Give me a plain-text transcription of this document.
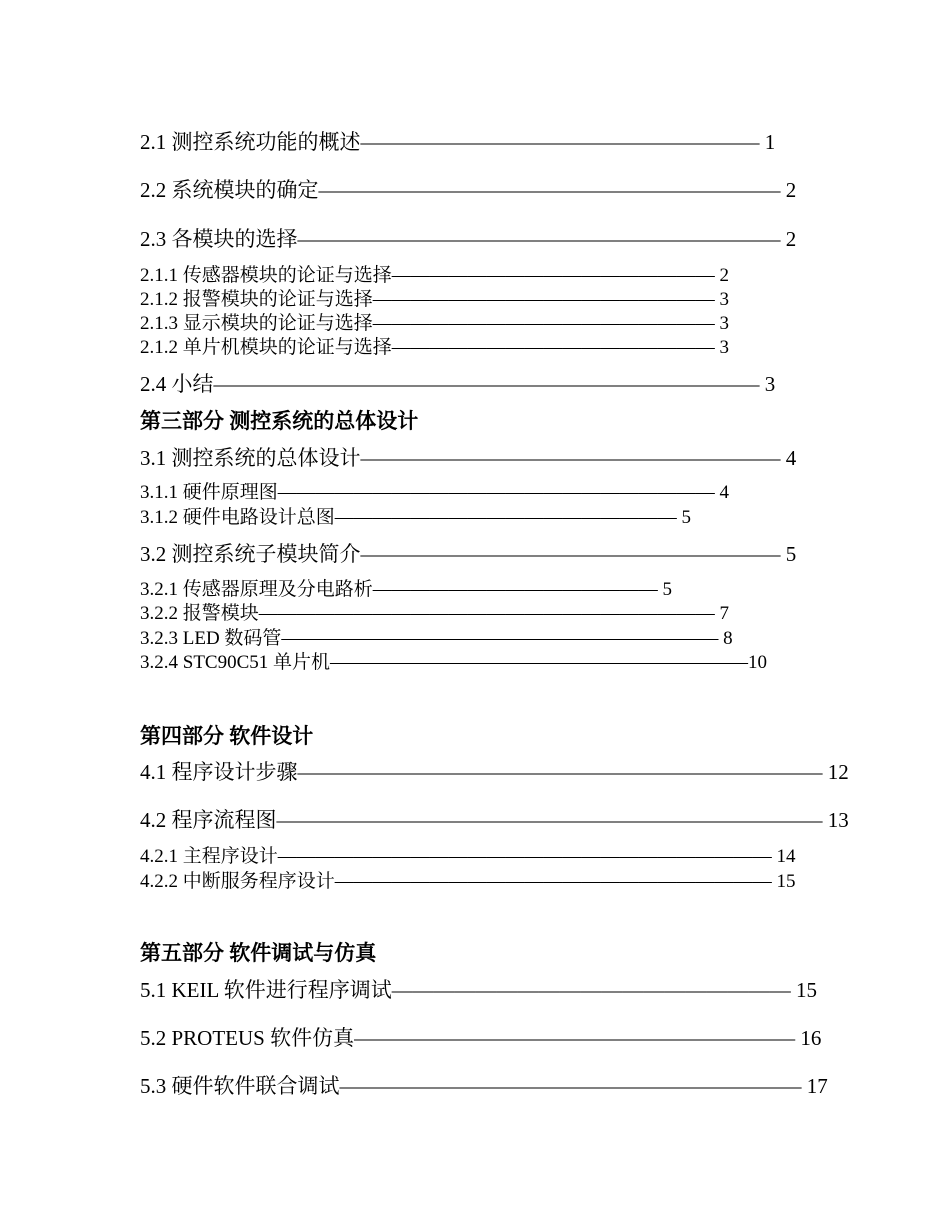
2.1 测控系统功能的概述——————————————————— 1
2.2 系统模块的确定—————————————————————— 2
2.3 各模块的选择——————————————————————— 2
2.1.1 传感器模块的论证与选择————————————————— 2
2.1.2 报警模块的论证与选择—————————————————— 3
2.1.3 显示模块的论证与选择—————————————————— 3
2.1.2 单片机模块的论证与选择————————————————— 3
2.4 小结—————————————————————————— 3
第三部分 测控系统的总体设计
3.1 测控系统的总体设计———————————————————— 4
3.1.1 硬件原理图——————————————————————— 4
3.1.2 硬件电路设计总图—————————————————— 5
3.2 测控系统子模块简介———————————————————— 5
3.2.1 传感器原理及分电路析——————————————— 5
3.2.2 报警模块———————————————————————— 7
3.2.3 LED 数码管——————————————————————— 8
3.2.4 STC90C51 单片机——————————————————————10
第四部分 软件设计
4.1 程序设计步骤————————————————————————— 12
4.2 程序流程图—————————————————————————— 13
4.2.1 主程序设计—————————————————————————— 14
4.2.2 中断服务程序设计——————————————————————— 15
第五部分 软件调试与仿真
5.1 KEIL 软件进行程序调试——————————————————— 15
5.2 PROTEUS 软件仿真————————————————————— 16
5.3 硬件软件联合调试—————————————————————— 17
